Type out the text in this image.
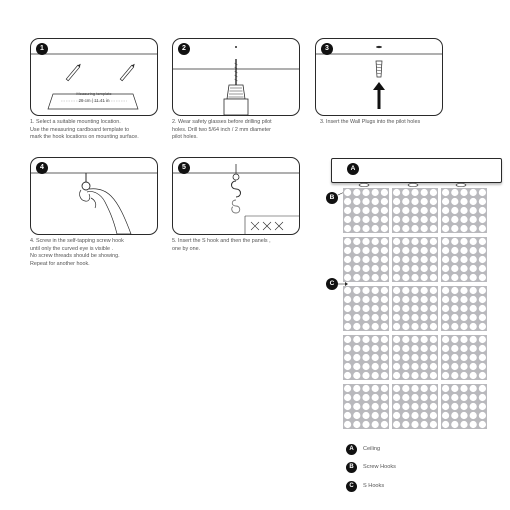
1
Measuring template
29 cm | 11.41 in
1. Select a suitable mounting location.
Use the measuring cardboard template to
mark the hook locations on mounting surface.
2
2. Wear safety glasses before drilling pilot
holes. Drill two 5/64 inch / 2 mm diameter
pilot holes.
3
3. Insert the Wall Plugs into the pilot holes
4
4. Screw in the self-tapping screw hook
until only the curved eye is visible .
No screw threads should be showing.
Repeat for another hook.
5
5. Insert the S hook and then the panels ,
one by one.
A
B
C
A	Ceiling
B	Screw Hooks
C	S Hooks
